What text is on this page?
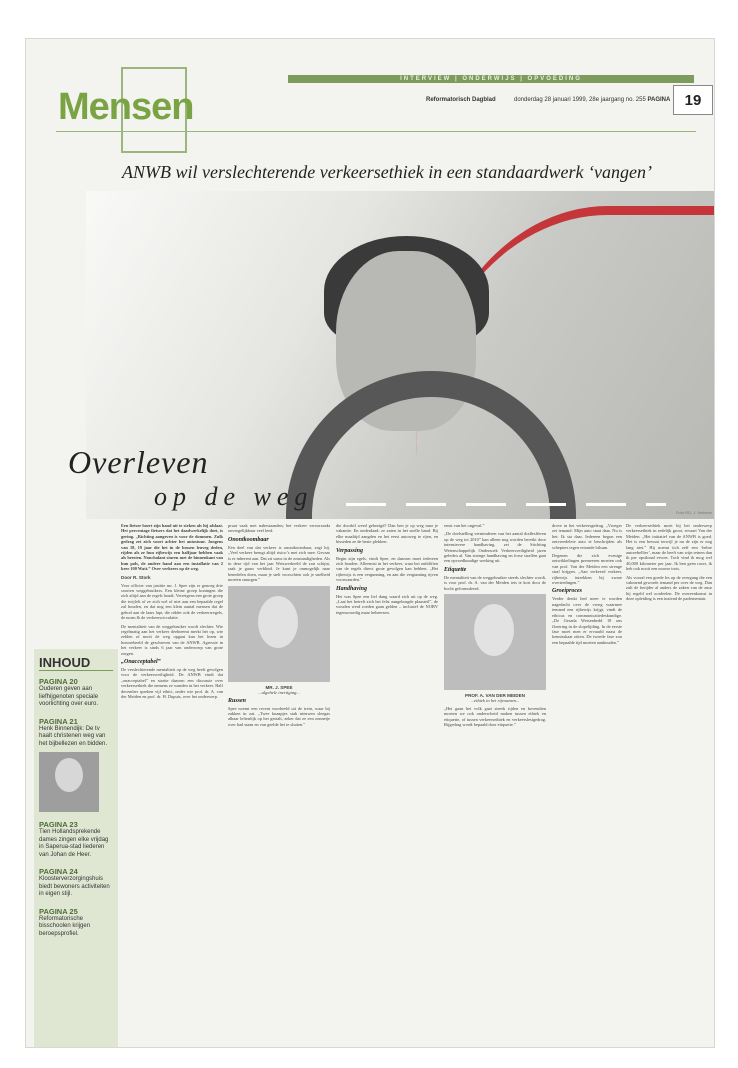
Mensen
INTERVIEW | ONDERWIJS | OPVOEDING
Reformatorisch Dagblad	donderdag 28 januari 1999, 28e jaargang no. 255 PAGINA 19
ANWB wil verslechterende verkeersethiek in een standaardwerk ‘vangen’
Foto RD, J. Verbeek
Overleven
op de weg
INHOUD
PAGINA 20
Ouderen geven aan liefhijgenoten speciale voorlichting over euro.
PAGINA 21
Henk Binnendijk: De tv haalt christenen weg van het bijbellezen en bidden.
PAGINA 23
Tien Hollandsprekende dames zingen elke vrijdag in Saperua-stad liederen van Johan de Heer.
PAGINA 24
Kloosterverzorgingshuis biedt bewoners activiteiten in eigen stijl.
PAGINA 25
Reformatorische bisschoolen krijgen beroepsprofiel.

Een fietser boert zijn hand uit te steken als hij afslaat. Het percentage fietsers dat het daadwerkelijk doet, is gering. „Richting aangeven is voor de dommen. Zulk gedrag zet zich voort achter het autostuur. Jongens van 18, 19 jaar die het in de bossen leuveg deden, rijden als ze hun rijbewijs een halfjaar hebben vaak als beesten. Nonchalant sturen met de binnenkant van hun pols, de andere hand aan een installatie van 2 keer 100 Watt.” Over verkeers op de weg.

Door R. Stork

Voor officier van justitie mr. J. Spee zijn er genoeg drie soorten weggebruikers. Een kleine groep koningen die zich altijd aan de regels houdt. Verreigens een grote groep die twijfelt of ze zich wel of niet aan een bepaalde regel zal houden, en dat nog een klein aantal mensen dat de gebod aan de laars lapt, die ridder ook de verkeersregels, de norm & de verkeerscirculatie.

De mentaliteit van de weggebruiker wordt slechter. Wie regelmatig aan het verkeer deelneemt merkt het op, wie zelden of nooit de weg opgaat kan het lezen in honorebeeld de geschreven van de ANWB. Agressie in het verkeer is sinds 6 jaar van onderwerp van grote zorgen.

„Onacceptabel”

De verslechterende mentaliteit op de weg heeft gevolgen voor de verkeersveiligheid. De ANWB vindt dat „onacceptabel” en startte daarom een discussie over verkeersethiek die nemens ze wanden in het verkeer. Half december spreken vijf ethici, onder wie prof. dr. A. van der Meiden en prof. dr. H. Dupuis, over het onderwerp.

pruat vaak met nabestaanden; het verkeer veroorzaakt onvergelijkbaar veel leed.

Onontkoombaar

Een deel van dat verkeer is onontkoombaar, zegt hij. „Veel verkeer brengt altijd risico’s met zich mee. Gevaar is er inherent aan. Dat zit soms in de omstandigheden. Als in deze tijd van het jaar Wetswerkeeld de zon schijnt, raak je gauw verblind. Je kunt je onmogelijk naar benedelen doen, maar je stelt voorschten ook je snelheid moeten stuurgen.”

MR. J. SPEE
...algehele inertiging...
Russen

Spee noemt een recent voorbeeld uit de trein, waar hij zakken in zat. „Twee knaapjes stak nieuwen sleegas alhaar leftenlijk op het gestalt, zeker dat ze een zonnetje over had staan en van geelde het te sluiten.”

die doorbil weed gebezigd? Dan hen je op weg naar je vakantie. En onderdaad: ze zaten in het snelle hand. Bij elke maaltijd aangden en het eerst autoweg te rijen, en bisseden ze de beste plekken.

Verpassing

Begin zijn egels, vindt Spee, en daarom moet iedereen zich houden. Alleemist in het verkeer, waar het ontbliften van de regels direct grote gevolgen kan hebben. „Het rijbewijs is een vergunning, en aan die vergunning rijven voorwaarden.”

Handhaving

Het was Spee een lief dang waard zich uit op de weg. „Laat het betreft zich het felst aangebrugde plaasteil”, de wouden werd roeden gaan gelden – inclusief de NOBV tegenwoordig maar beheersen.

ernst van het ongeval.”

„De doelstelling verminderen van het aantal dodlesfferen op de weg tot 2010” kan alleen nog worden bereikt door intensievere handhaving, zei de Stichting Wetenschappelijk Onderzoek Verkeersveiligheid jaren geleden al. Van strenge handhaving en forse straffen gaat een opvoedkundige werking uit.

Etiquette

De mentaliteit van de weggebruiker steeds slechter wordt, is voor prof. dr. A. van der Meiden iets te kort door de bocht geformuleerd.

PROF. A. VAN DER MEIDEN
...ethiek in het rijexamen...

„Het gaan het volk gaat steeds rijden en bovendien moeten we ook onderscheid maken tussen ethiek en etiquette, of tussen verkeersethiek en verkeerslestgedrag. Rijgedrag wordt bepaald door etiquette.”

drove in het verkeersgedrag. „Vroeger zei iemand: Mijn auto staat daar. Nu is het: Ik sta daar. Iedereen begon een ontvreedelete auto te beschrijden als schepters tegen ertrande bilsam.

Degenen die zich evenige ontwikkelingen premeeren moeten ook van prof. Van der Meiden een strenge straf krijgen. „Aan verkeerd verkeer, rijbewijs intrekken bij zware overtredingen.”

Groeiproces

Verder denkt hed meer te worden nagedacht over de vroeg waarmee iemand een rijbewijs krijgt, vindt de ethicus en communicatiedeskundige. „De Gesada Wetsenbedd 18 ons florering in de slopelijding. In de eerste fase moet men er ervaarld naast de kennisskaat zitten. De tweede fase zou een bepaalde tijd moeten aanhouden.”

De verkeersethiek moet bij het onderwerp verkeersethiek in redelijk groot, ervaart Van der Meiden. „Het initiatief van de ANWB is goed. Het is een bewust terwijl je nu de zijn er nog lang niet.” Hij noemt tich zelf een ‘hebre autorebellier’, maar de heeft van wijn reinen dan ik per opsilonal ervoer. Toch vind ik mog wel 40,000 kilometer per jaar. Ik ben geen racer, ik heb ook nooit een noorse trots.

Als vooral een goede les op de overgang die een vakmend geworde iemand per over de weg. Dan zult de berijder al anders de zaken van de zuur hij regeld wel oordeelen. De overeenkomst in deze opleiding is een inziend de parlementair.
